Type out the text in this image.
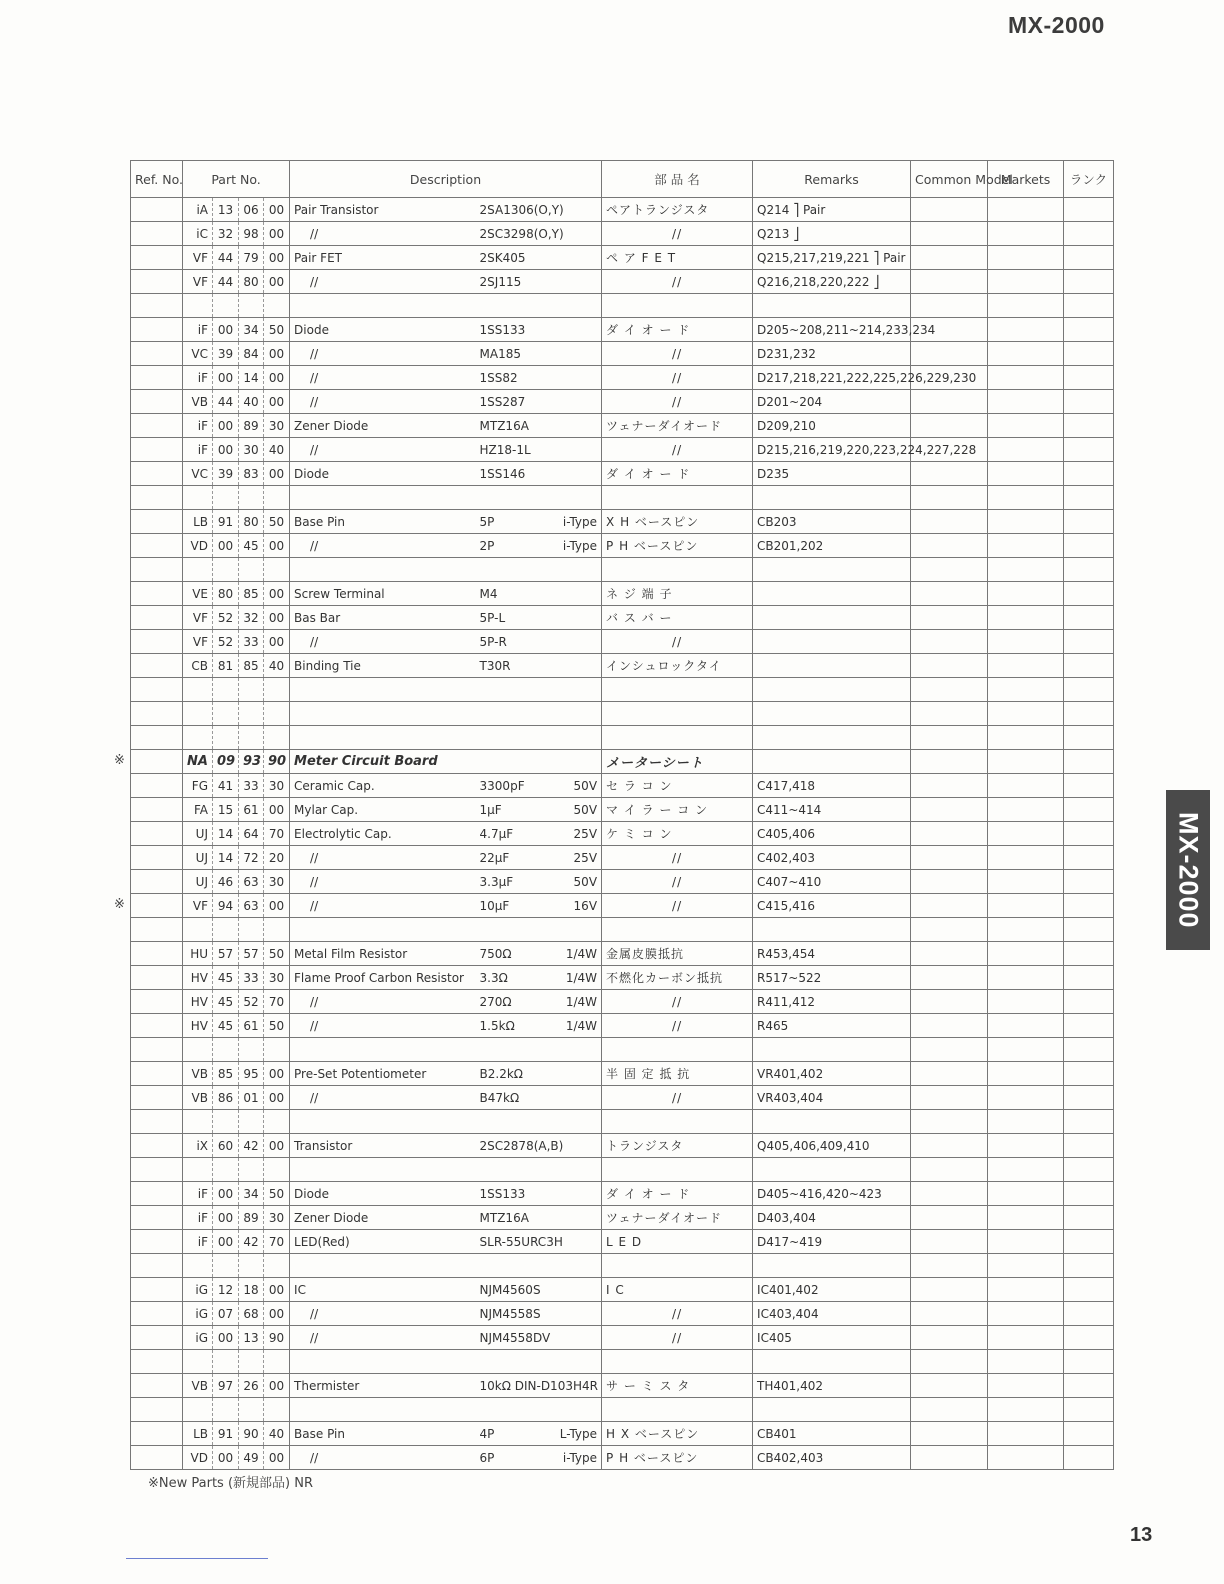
MX-2000
Ref. No.	Part No.				Description			部 品 名	Remarks	Common Model	Markets	ランク
	iA	13	06	00	Pair Transistor	2SA1306(O,Y)		ペアトランジスタ	Q214 ⎤ Pair			
	iC	32	98	00	//	2SC3298(O,Y)		//	Q213 ⎦			
	VF	44	79	00	Pair FET	2SK405		ペ ア F E T	Q215,217,219,221 ⎤ Pair			
	VF	44	80	00	//	2SJ115		//	Q216,218,220,222 ⎦			

	iF	00	34	50	Diode	1SS133		ダ イ オ ー ド	D205~208,211~214,233,234			
	VC	39	84	00	//	MA185		//	D231,232			
	iF	00	14	00	//	1SS82		//	D217,218,221,222,225,226,229,230			
	VB	44	40	00	//	1SS287		//	D201~204			
	iF	00	89	30	Zener Diode	MTZ16A		ツェナーダイオード	D209,210			
	iF	00	30	40	//	HZ18-1L		//	D215,216,219,220,223,224,227,228			
	VC	39	83	00	Diode	1SS146		ダ イ オ ー ド	D235			

	LB	91	80	50	Base Pin	5P	i-Type	X H ベースピン	CB203			
	VD	00	45	00	//	2P	i-Type	P H ベースピン	CB201,202			

	VE	80	85	00	Screw Terminal	M4		ネ ジ 端 子				
	VF	52	32	00	Bas Bar	5P-L		バ ス バ ー				
	VF	52	33	00	//	5P-R		//				
	CB	81	85	40	Binding Tie	T30R		インシュロックタイ				

	NA	09	93	90	Meter Circuit Board			メーターシート				
	FG	41	33	30	Ceramic Cap.	3300pF	50V	セ ラ コ ン	C417,418			
	FA	15	61	00	Mylar Cap.	1μF	50V	マ イ ラ ー コ ン	C411~414			
	UJ	14	64	70	Electrolytic Cap.	4.7μF	25V	ケ ミ コ ン	C405,406			
	UJ	14	72	20	//	22μF	25V	//	C402,403			
	UJ	46	63	30	//	3.3μF	50V	//	C407~410			
	VF	94	63	00	//	10μF	16V	//	C415,416			

	HU	57	57	50	Metal Film Resistor	750Ω	1/4W	金属皮膜抵抗	R453,454			
	HV	45	33	30	Flame Proof Carbon Resistor	3.3Ω	1/4W	不燃化カーボン抵抗	R517~522			
	HV	45	52	70	//	270Ω	1/4W	//	R411,412			
	HV	45	61	50	//	1.5kΩ	1/4W	//	R465			

	VB	85	95	00	Pre-Set Potentiometer	B2.2kΩ		半 固 定 抵 抗	VR401,402			
	VB	86	01	00	//	B47kΩ		//	VR403,404			

	iX	60	42	00	Transistor	2SC2878(A,B)		トランジスタ	Q405,406,409,410			

	iF	00	34	50	Diode	1SS133		ダ イ オ ー ド	D405~416,420~423			
	iF	00	89	30	Zener Diode	MTZ16A		ツェナーダイオード	D403,404			
	iF	00	42	70	LED(Red)	SLR-55URC3H		L E D	D417~419			

	iG	12	18	00	IC	NJM4560S		I C	IC401,402			
	iG	07	68	00	//	NJM4558S		//	IC403,404			
	iG	00	13	90	//	NJM4558DV		//	IC405			

	VB	97	26	00	Thermister	10kΩ DIN-D103H4R		サ ー ミ ス タ	TH401,402			

	LB	91	90	40	Base Pin	4P	L-Type	H X ベースピン	CB401			
	VD	00	49	00	//	6P	i-Type	P H ベースピン	CB402,403			
MX-2000
※New Parts (新規部品) NR
13
※
※
